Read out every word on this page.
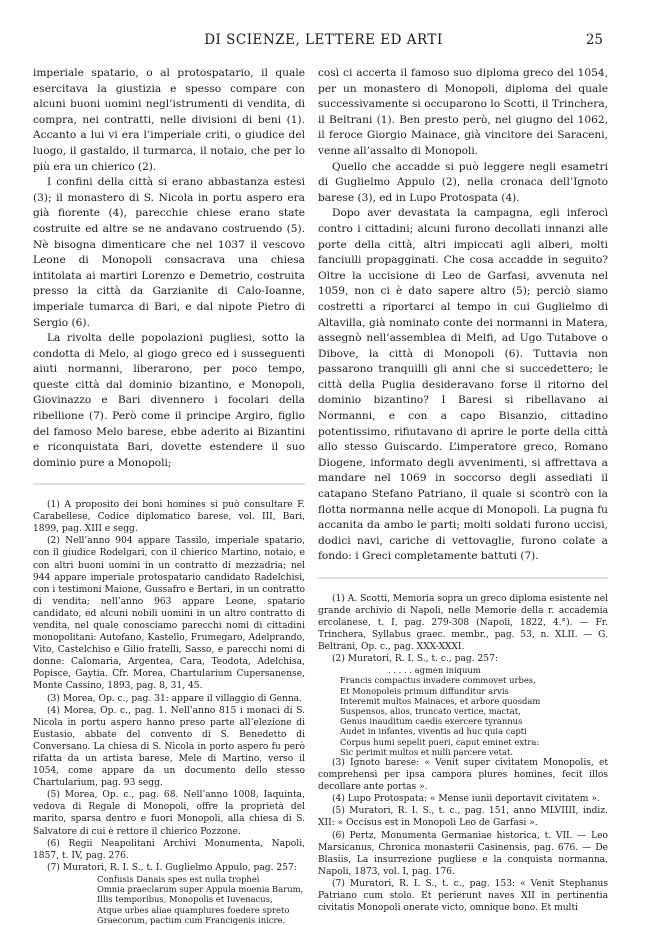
DI SCIENZE, LETTERE ED ARTI	25

imperiale spatario, o al protospatario, il quale esercitava la giustizia e spesso compare con alcuni buoni uomini negl’istrumenti di vendita, di compra, nei contratti, nelle divisioni di beni (1). Accanto a lui vi era l’imperiale criti, o giudice del luogo, il gastaldo, il turmarca, il notaio, che per lo più era un chierico (2).

I confini della città si erano abbastanza estesi (3); il monastero di S. Nicola in portu aspero era già fiorente (4), parecchie chiese erano state costruite ed altre se ne andavano costruendo (5). Nè bisogna dimenticare che nel 1037 il vescovo Leone di Monopoli consacrava una chiesa intitolata ai martiri Lorenzo e Demetrio, costruita presso la città da Garzianite di Calo-Ioanne, imperiale tumarca di Bari, e dal nipote Pietro di Sergio (6).

La rivolta delle popolazioni pugliesi, sotto la condotta di Melo, al giogo greco ed i susseguenti aiuti normanni, liberarono, per poco tempo, queste città dal dominio bizantino, e Monopoli, Giovinazzo e Bari divennero i focolari della ribellione (7). Però come il principe Argiro, figlio del famoso Melo barese, ebbe aderito ai Bizantini e riconquistata Bari, dovette estendere il suo dominio pure a Monopoli;

(1) A proposito dei boni homines si può consultare F. Carabellese, Codice diplomatico barese, vol. III, Bari, 1899, pag. XIII e segg.

(2) Nell’anno 904 appare Tassilo, imperiale spatario, con il giudice Rodelgari, con il chierico Martino, notaio, e con altri buoni uomini in un contratto di mezzadria; nel 944 appare imperiale protospatario candidato Radelchisi, con i testimoni Maione, Gussafro e Bertari, in un contratto di vendita; nell’anno 963 appare Leone, spatario candidato, ed alcuni nobili uomini in un altro contratto di vendita, nel quale conosciamo parecchi nomi di cittadini monopolitani: Autofano, Kastello, Frumegaro, Adelprando, Vito, Castelchiso e Gilio fratelli, Sasso, e parecchi nomi di donne: Calomaria, Argentea, Cara, Teodota, Adelchisa, Popisce, Gaytia. Cfr. Morea, Chartularium Cupersanense, Monte Cassino, 1893, pag. 8, 31, 45.

(3) Morea, Op. c., pag. 31: appare il villaggio di Genna.

(4) Morea, Op. c., pag. 1. Nell’anno 815 i monaci di S. Nicola in portu aspero hanno preso parte all’elezione di Eustasio, abbate del convento di S. Benedetto di Conversano. La chiesa di S. Nicola in porto aspero fu però rifatta da un artista barese, Mele di Martino, verso il 1054, come appare da un documento dello stesso Chartularium, pag. 93 segg.

(5) Morea, Op. c., pag. 68. Nell’anno 1008, Iaquinta, vedova di Regale di Monopoli, offre la proprietà del marito, sparsa dentro e fuori Monopoli, alla chiesa di S. Salvatore di cui è rettore il chierico Pozzone.

(6) Regii Neapolitani Archivi Monumenta, Napoli, 1857, t. IV, pag. 276.

(7) Muratori, R. I. S., t. I. Guglielmo Appulo, pag. 257:

Confusis Danais spes est nulla tropheì
Omnia praeclarum super Appula moenia Barum,
Illis temporibus, Monopolis et Iuvenacus,
Atque urbes aliae quamplures foedere spreto
Graecorum, pactum cum Francigenis inicre.

così ci accerta il famoso suo diploma greco del 1054, per un monastero di Monopoli, diploma del quale successivamente si occuparono lo Scotti, il Trinchera, il Beltrani (1). Ben presto però, nel giugno del 1062, il feroce Giorgio Mainace, già vincitore dei Saraceni, venne all’assalto di Monopoli.

Quello che accadde si può leggere negli esametri di Guglielmo Appulo (2), nella cronaca dell’Ignoto barese (3), ed in Lupo Protospata (4).

Dopo aver devastata la campagna, egli inferocì contro i cittadini; alcuni furono decollati innanzi alle porte della città, altri impiccati agli alberi, molti fanciulli propagginati. Che cosa accadde in seguito? Oltre la uccisione di Leo de Garfasi, avvenuta nel 1059, non ci è dato sapere altro (5); perciò siamo costretti a riportarci al tempo in cui Guglielmo di Altavilla, già nominato conte dei normanni in Matera, assegnò nell’assemblea di Melfi, ad Ugo Tutabove o Dibove, la città di Monopoli (6). Tuttavia non passarono tranquilli gli anni che si succedettero; le città della Puglia desideravano forse il ritorno del dominio bizantino? I Baresi si ribellavano ai Normanni, e con a capo Bisanzio, cittadino potentissimo, rifiutavano di aprire le porte della città allo stesso Guiscardo. L’imperatore greco, Romano Diogene, informato degli avvenimenti, si affrettava a mandare nel 1069 in soccorso degli assediati il catapano Stefano Patriano, il quale si scontrò con la flotta normanna nelle acque di Monopoli. La pugna fu accanita da ambo le parti; molti soldati furono uccisi, dodici navi, cariche di vettovaglie, furono colate a fondo: i Greci completamente battuti (7).

(1) A. Scotti, Memoria sopra un greco diploma esistente nel grande archivio di Napoli, nelle Memorie della r. accademia ercolanese, t. I, pag. 279-308 (Napoli, 1822, 4.°). — Fr. Trinchera, Syllabus graec. membr., pag. 53, n. XLII. — G. Beltrani, Op. c., pag. XXX-XXXI.

(2) Muratori, R. I. S., t. c., pag. 257:

. . . . . agmen iniquum
Francis compactus invadere commovet urbes,
Et Monopoleis primum diffunditur arvis
Interemit multos Mainaces, et arbore quosdam
Suspensos, alios, truncato vertice, mactat,
Genus inauditum caedis exercere tyrannus
Audet in infantes, viventis ad huc quia capti
Corpus humi sepelit pueri, caput eminet extra:
Sic perimit multos et nulli parcere vetat.

(3) Ignoto barese: « Venit super civitatem Monopolis, et comprehensi per ipsa campora plures homines, fecit illos decollare ante portas ».

(4) Lupo Protospata: « Mense iunii deportavit civitatem ».

(5) Muratori, R. I. S., t. c., pag. 151, anno MLVIIII, indiz. XII: « Occisus est in Monopoli Leo de Garfasi ».

(6) Pertz, Monumenta Germaniae historica, t. VII. — Leo Marsicanus, Chronica monasterii Casinensis, pag. 676. — De Blasiis, La insurrezione pugliese e la conquista normanna, Napoli, 1873, vol. I, pag. 176.

(7) Muratori, R. I. S., t. c., pag. 153: « Venit Stephanus Patriano cum stolo. Et perierunt naves XII in pertinentia civitatis Monopoli onerate victo, omnique bono. Et multi
